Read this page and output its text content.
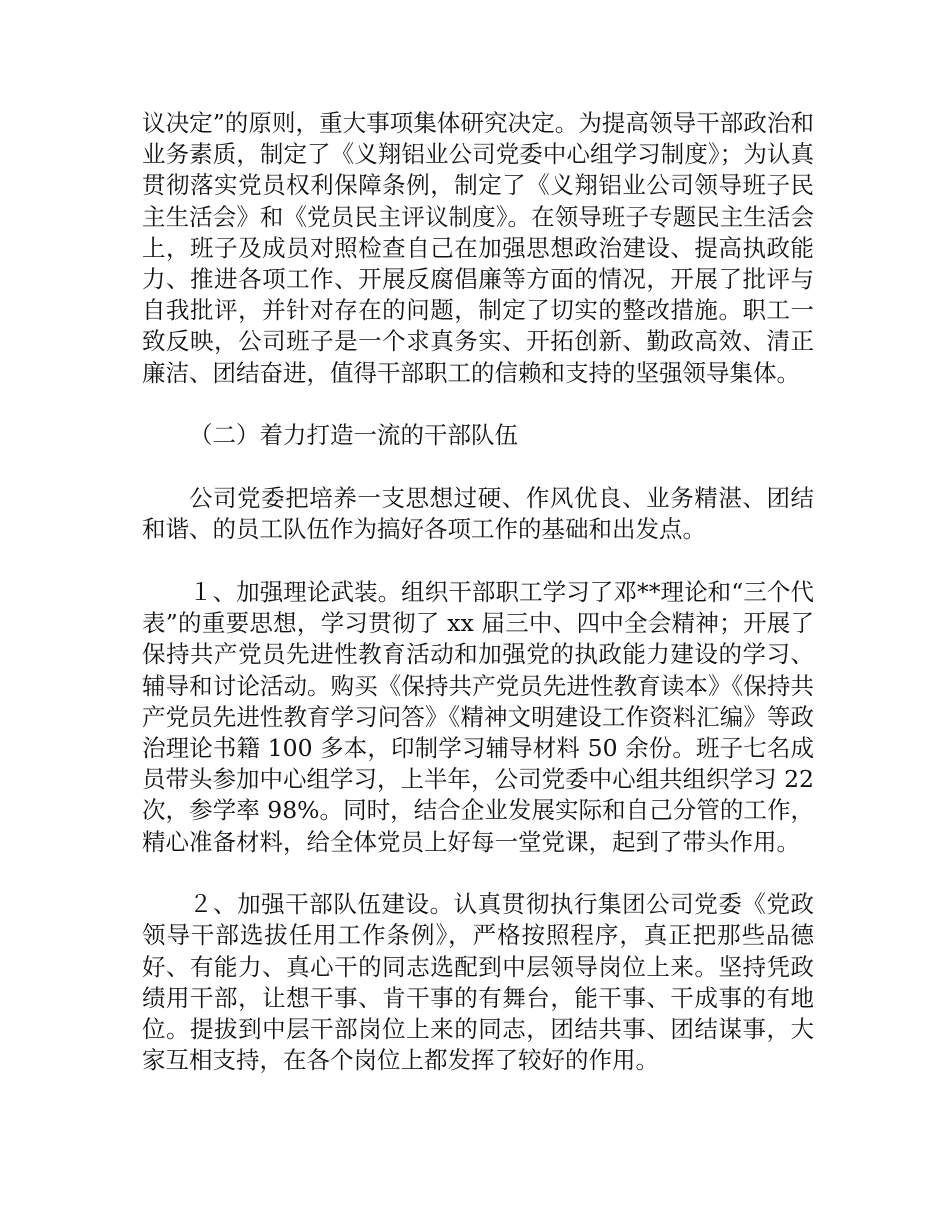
议决定”的原则，重大事项集体研究决定。为提高领导干部政治和业务素质，制定了《义翔铝业公司党委中心组学习制度》；为认真贯彻落实党员权利保障条例，制定了《义翔铝业公司领导班子民主生活会》和《党员民主评议制度》。在领导班子专题民主生活会上，班子及成员对照检查自己在加强思想政治建设、提高执政能力、推进各项工作、开展反腐倡廉等方面的情况，开展了批评与自我批评，并针对存在的问题，制定了切实的整改措施。职工一致反映，公司班子是一个求真务实、开拓创新、勤政高效、清正廉洁、团结奋进，值得干部职工的信赖和支持的坚强领导集体。

（二）着力打造一流的干部队伍

公司党委把培养一支思想过硬、作风优良、业务精湛、团结和谐、的员工队伍作为搞好各项工作的基础和出发点。

１、加强理论武装。组织干部职工学习了邓**理论和“三个代表”的重要思想，学习贯彻了 xx 届三中、四中全会精神；开展了保持共产党员先进性教育活动和加强党的执政能力建设的学习、辅导和讨论活动。购买《保持共产党员先进性教育读本》《保持共产党员先进性教育学习问答》《精神文明建设工作资料汇编》等政治理论书籍 100 多本，印制学习辅导材料 50 余份。班子七名成员带头参加中心组学习，上半年，公司党委中心组共组织学习 22 次，参学率 98%。同时，结合企业发展实际和自己分管的工作，精心准备材料，给全体党员上好每一堂党课，起到了带头作用。

２、加强干部队伍建设。认真贯彻执行集团公司党委《党政领导干部选拔任用工作条例》，严格按照程序，真正把那些品德好、有能力、真心干的同志选配到中层领导岗位上来。坚持凭政绩用干部，让想干事、肯干事的有舞台，能干事、干成事的有地位。提拔到中层干部岗位上来的同志，团结共事、团结谋事，大家互相支持，在各个岗位上都发挥了较好的作用。
